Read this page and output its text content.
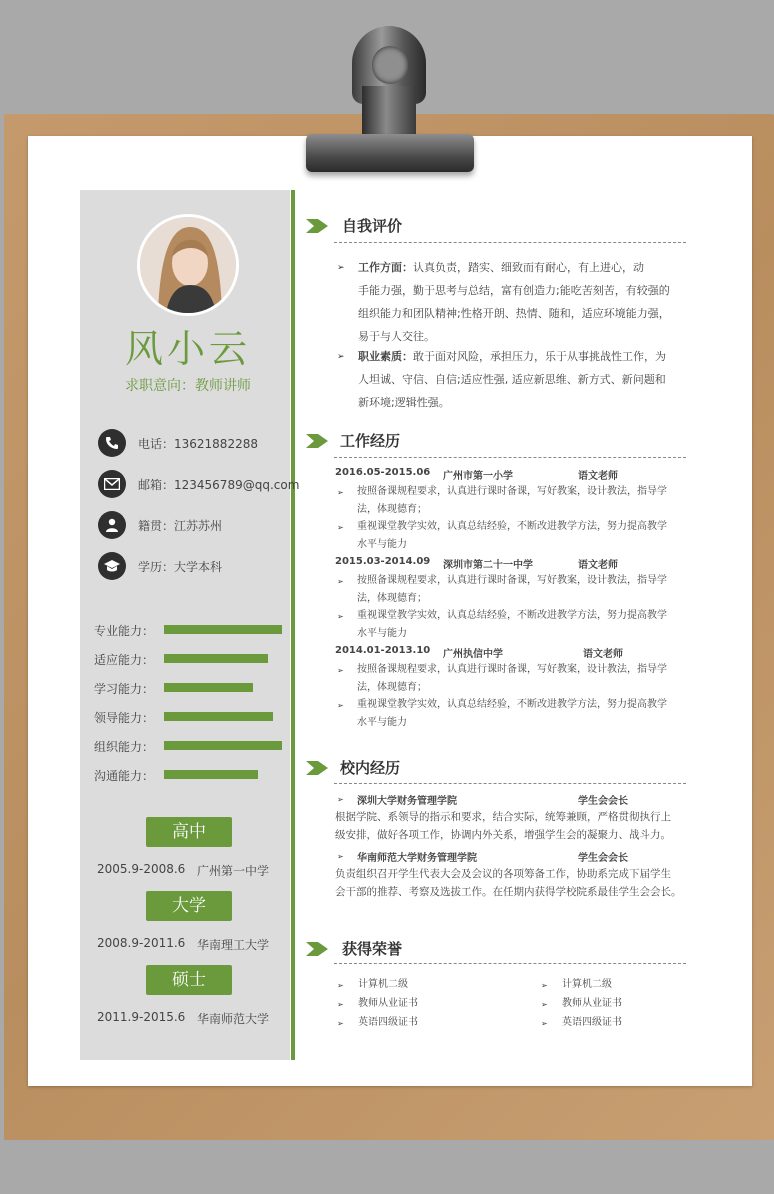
风小云
求职意向：教师讲师
电话：13621882288
邮箱：123456789@qq.com
籍贯：江苏苏州
学历：大学本科
专业能力：
适应能力：
学习能力：
领导能力：
组织能力：
沟通能力：
高中
2005.9-2008.6 广州第一中学
大学
2008.9-2011.6 华南理工大学
硕士
2011.9-2015.6 华南师范大学
自我评价
➢ 工作方面：认真负责，踏实、细致而有耐心，有上进心，动
手能力强，勤于思考与总结，富有创造力;能吃苦刻苦，有较强的
组织能力和团队精神;性格开朗、热情、随和，适应环境能力强，
易于与人交往。
➢ 职业素质：敢于面对风险，承担压力，乐于从事挑战性工作，为
人坦诚、守信、自信;适应性强, 适应新思维、新方式、新问题和
新环境;逻辑性强。
工作经历
2016.05-2015.06 广州市第一小学	语文老师
➢ 按照备课规程要求，认真进行课时备课，写好教案，设计教法，指导学
法，体现德育；
➢ 重视课堂教学实效，认真总结经验，不断改进教学方法，努力提高教学
水平与能力
2015.03-2014.09 深圳市第二十一中学	语文老师
➢ 按照备课规程要求，认真进行课时备课，写好教案，设计教法，指导学
法，体现德育；
➢ 重视课堂教学实效，认真总结经验，不断改进教学方法，努力提高教学
水平与能力
2014.01-2013.10 广州执信中学	语文老师
➢ 按照备课规程要求，认真进行课时备课，写好教案，设计教法，指导学
法，体现德育；
➢ 重视课堂教学实效，认真总结经验，不断改进教学方法，努力提高教学
水平与能力
校内经历
➢ 深圳大学财务管理学院	学生会会长
根据学院、系领导的指示和要求，结合实际，统筹兼顾，严格贯彻执行上
级安排，做好各项工作，协调内外关系，增强学生会的凝聚力、战斗力。
➢ 华南师范大学财务管理学院	学生会会长
负责组织召开学生代表大会及会议的各项筹备工作，协助系完成下届学生
会干部的推荐、考察及选拔工作。在任期内获得学校院系最佳学生会会长。
获得荣誉
➢ 计算机二级
➢ 教师从业证书
➢ 英语四级证书
➢ 计算机二级
➢ 教师从业证书
➢ 英语四级证书
